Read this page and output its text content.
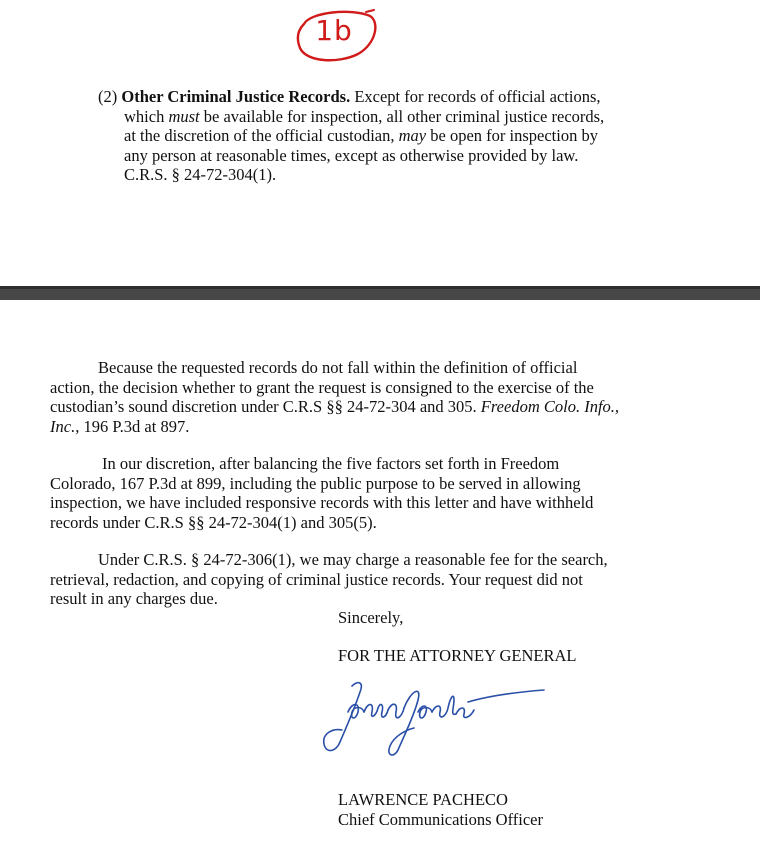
1b
(2) Other Criminal Justice Records. Except for records of official actions,
which must be available for inspection, all other criminal justice records,
at the discretion of the official custodian, may be open for inspection by
any person at reasonable times, except as otherwise provided by law.
C.R.S. § 24-72-304(1).
Because the requested records do not fall within the definition of official
action, the decision whether to grant the request is consigned to the exercise of the
custodian’s sound discretion under C.R.S §§ 24-72-304 and 305. Freedom Colo. Info.,
Inc., 196 P.3d at 897.
In our discretion, after balancing the five factors set forth in Freedom
Colorado, 167 P.3d at 899, including the public purpose to be served in allowing
inspection, we have included responsive records with this letter and have withheld
records under C.R.S §§ 24-72-304(1) and 305(5).
Under C.R.S. § 24-72-306(1), we may charge a reasonable fee for the search,
retrieval, redaction, and copying of criminal justice records. Your request did not
result in any charges due.
Sincerely,
FOR THE ATTORNEY GENERAL
LAWRENCE PACHECO
Chief Communications Officer
